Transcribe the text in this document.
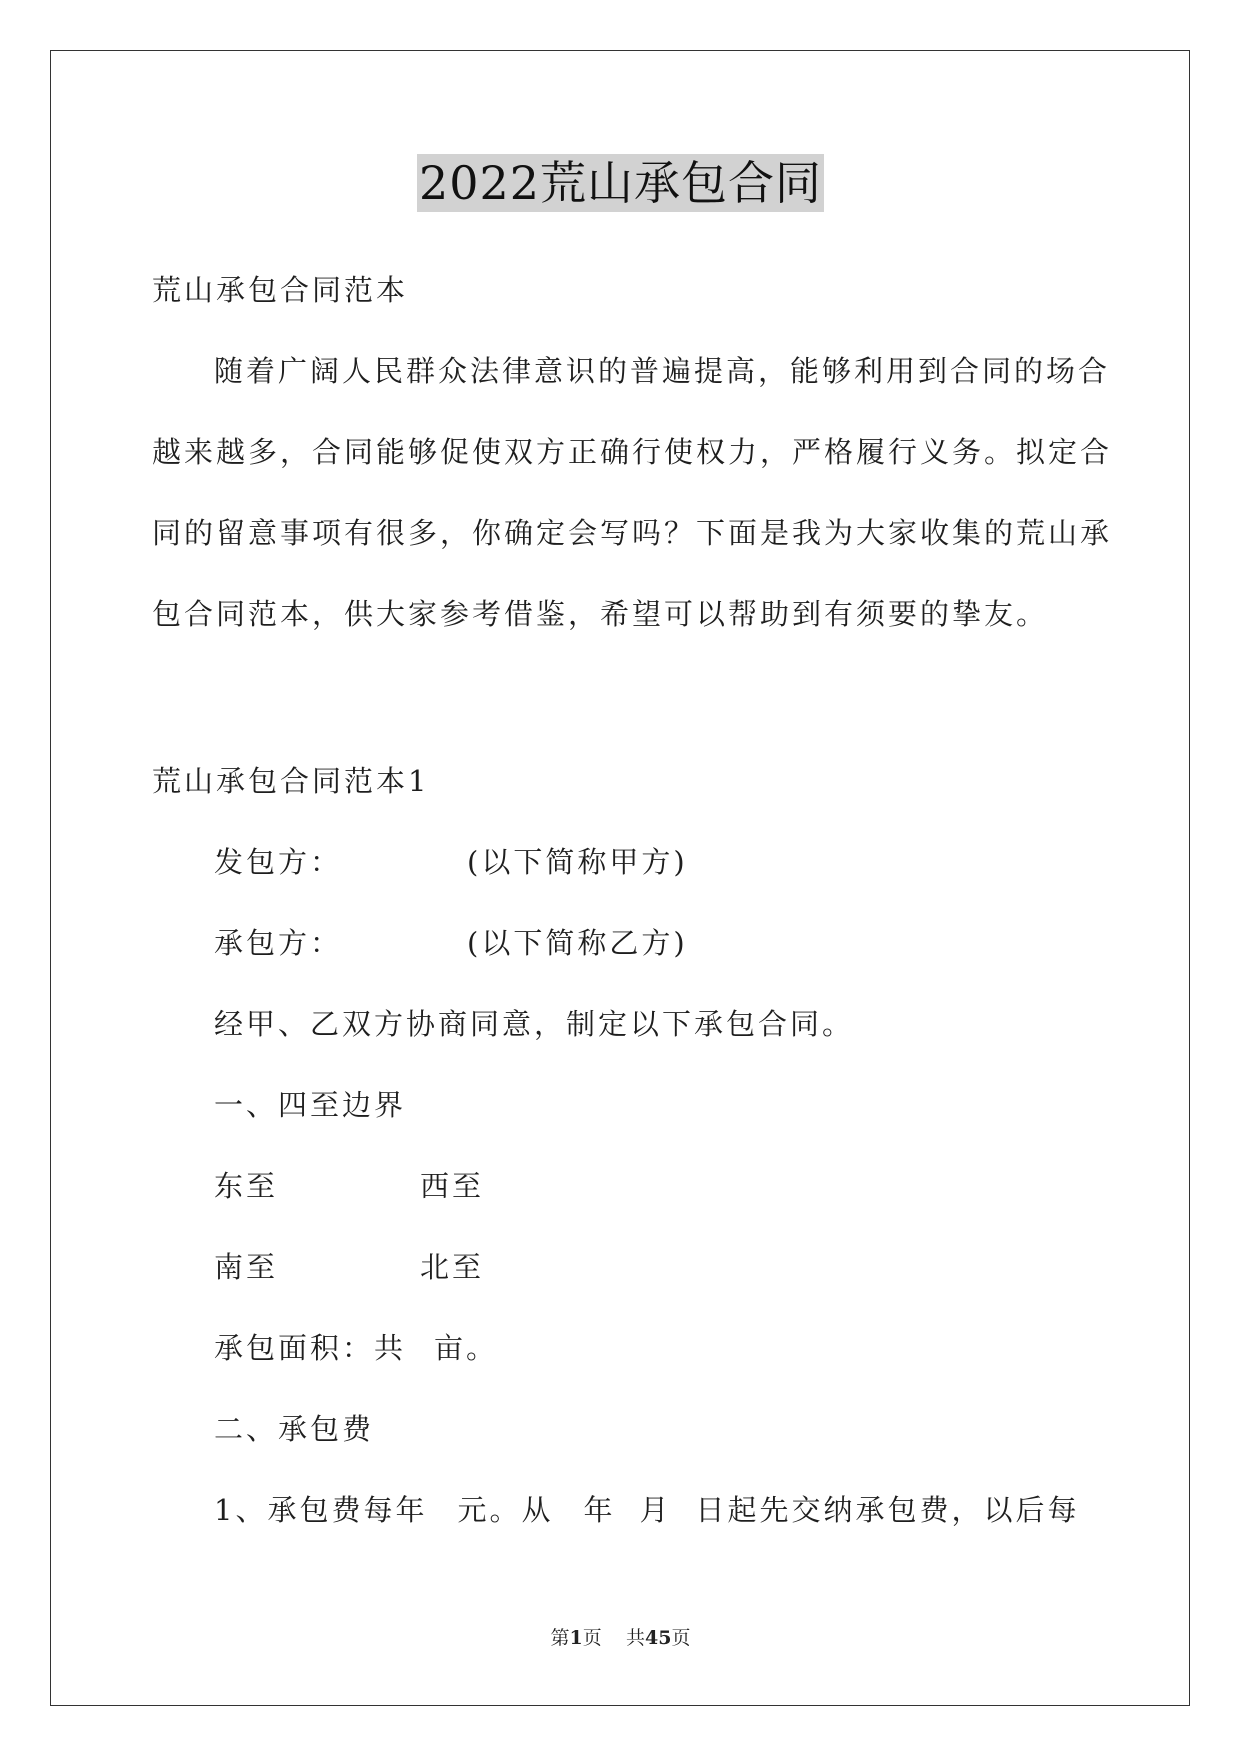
2022荒山承包合同
荒山承包合同范本
随着广阔人民群众法律意识的普遍提高，能够利用到合同的场合
越来越多，合同能够促使双方正确行使权力，严格履行义务。拟定合
同的留意事项有很多，你确定会写吗？下面是我为大家收集的荒山承
包合同范本，供大家参考借鉴，希望可以帮助到有须要的挚友。
荒山承包合同范本1
发包方：	(以下简称甲方)
承包方：	(以下简称乙方)
经甲、乙双方协商同意，制定以下承包合同。
一、四至边界
东至	西至
南至	北至
承包面积：共 亩。
二、承包费
1、承包费每年 元。从 年 月 日起先交纳承包费，以后每
第1页 共45页
